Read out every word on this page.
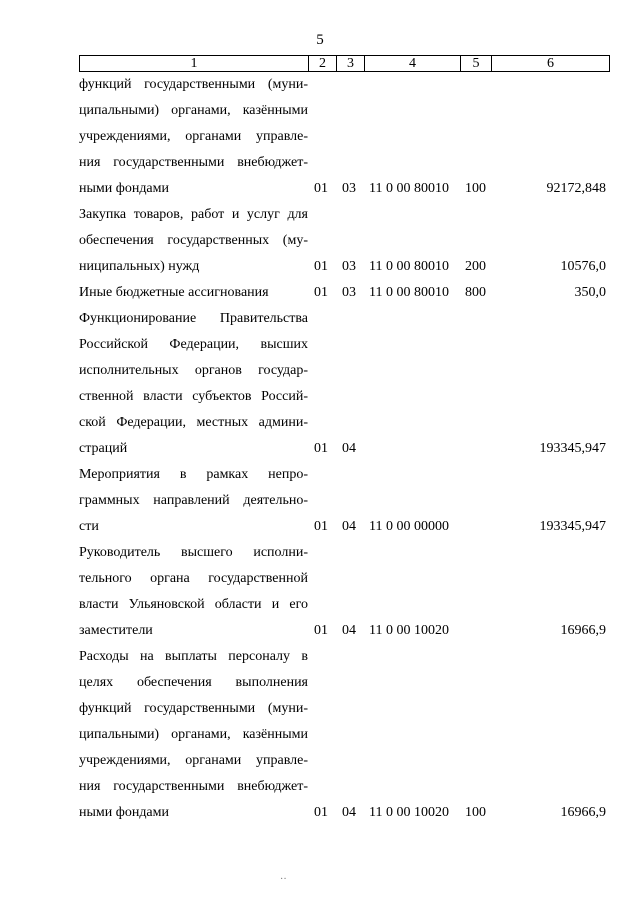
5
1	2	3	4	5	6
функций государственными (муни-
ципальными) органами, казёнными
учреждениями, органами управле-
ния государственными внебюджет-
ными фондами	01 03 11 0 00 80010 100	92172,848
Закупка товаров, работ и услуг для
обеспечения государственных (му-
ниципальных) нужд	01 03 11 0 00 80010 200	10576,0
Иные бюджетные ассигнования	01 03 11 0 00 80010 800	350,0
Функционирование Правительства
Российской Федерации, высших
исполнительных органов государ-
ственной власти субъектов Россий-
ской Федерации, местных админи-
страций	01 04	193345,947
Мероприятия в рамках непро-
граммных направлений деятельно-
сти	01 04 11 0 00 00000	193345,947
Руководитель высшего исполни-
тельного органа государственной
власти Ульяновской области и его
заместители	01 04 11 0 00 10020	16966,9
Расходы на выплаты персоналу в
целях обеспечения выполнения
функций государственными (муни-
ципальными) органами, казёнными
учреждениями, органами управле-
ния государственными внебюджет-
ными фондами	01 04 11 0 00 10020 100	16966,9
··
